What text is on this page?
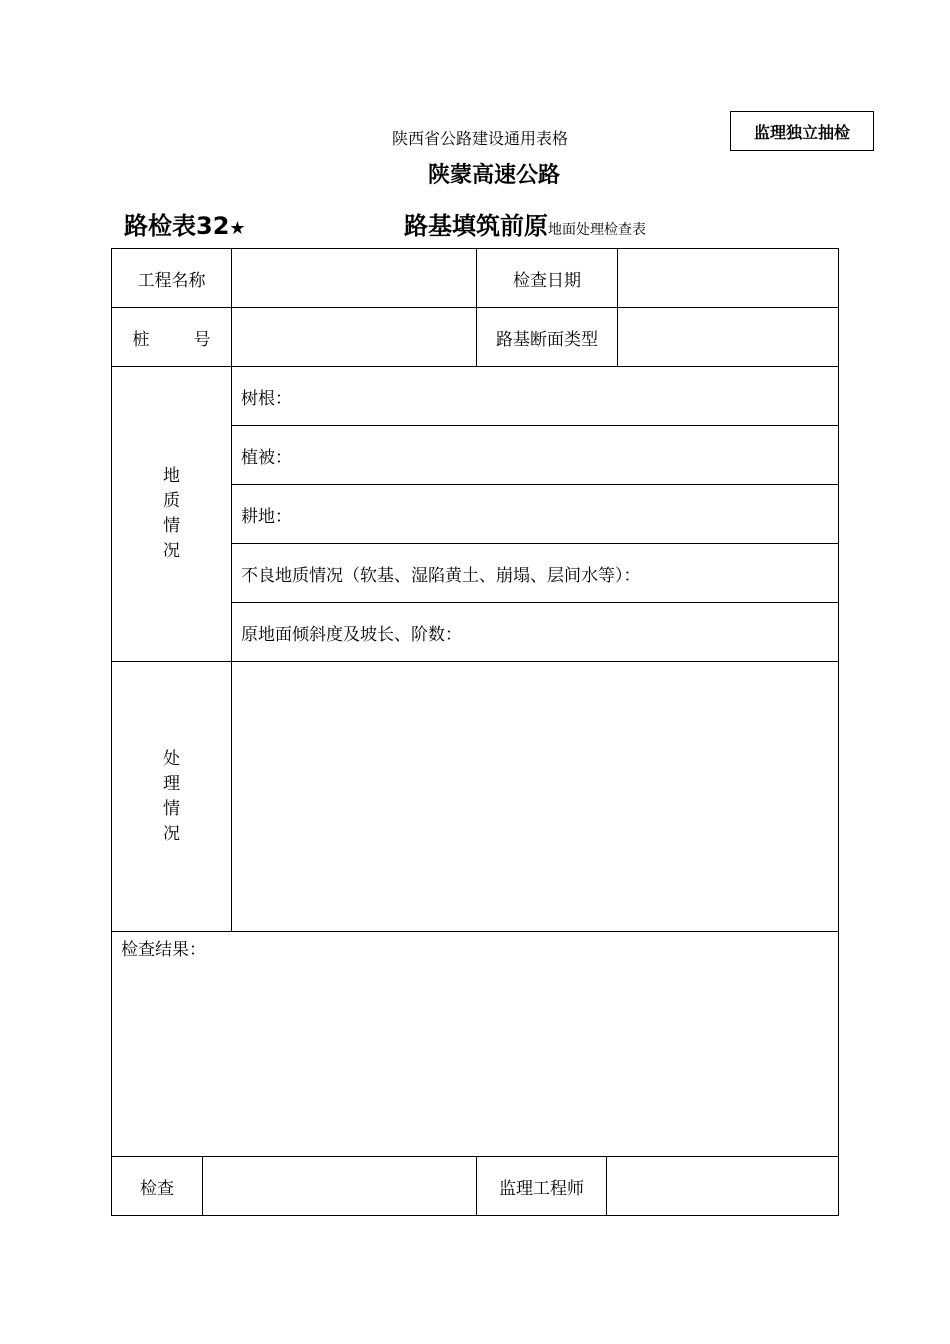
监理独立抽检
陕西省公路建设通用表格
陕蒙高速公路
路检表32★	路基填筑前原地面处理检查表
工程名称			检查日期		
桩 号			路基断面类型		

地
质
情
况		树根：			
		植被：			
		耕地：			
		不良地质情况（软基、湿陷黄土、崩塌、层间水等）：			
		原地面倾斜度及坡长、阶数：			

处
理
情
况					

检查结果：					
检查			监理工程师		
